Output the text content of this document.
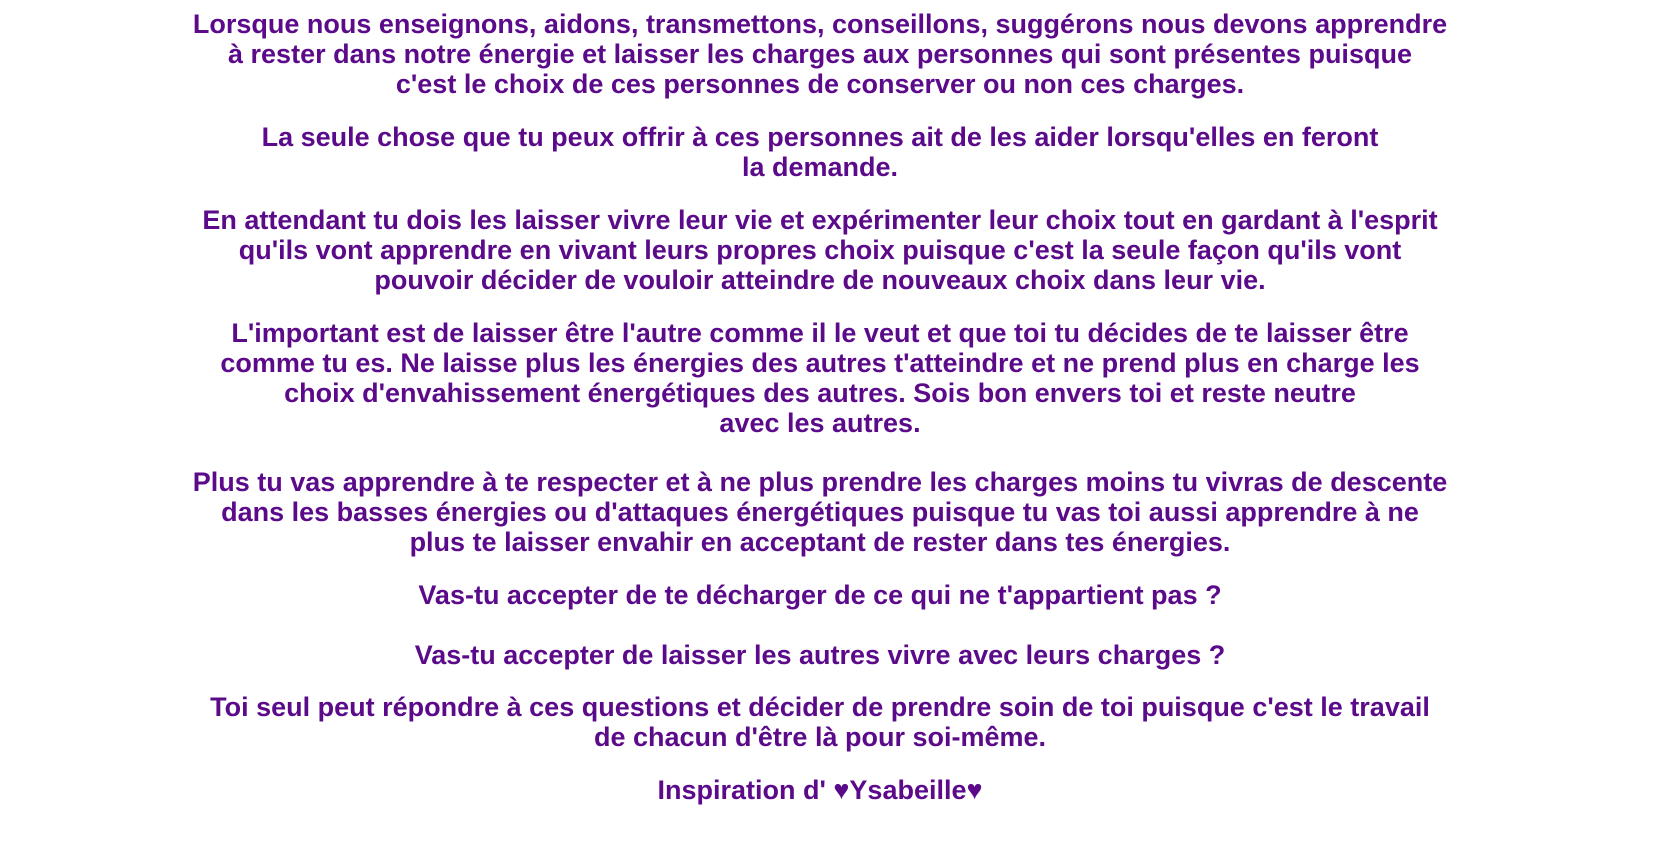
Lorsque nous enseignons, aidons, transmettons, conseillons, suggérons nous devons apprendre
à rester dans notre énergie et laisser les charges aux personnes qui sont présentes puisque
c'est le choix de ces personnes de conserver ou non ces charges.
La seule chose que tu peux offrir à ces personnes ait de les aider lorsqu'elles en feront
la demande.
En attendant tu dois les laisser vivre leur vie et expérimenter leur choix tout en gardant à l'esprit
qu'ils vont apprendre en vivant leurs propres choix puisque c'est la seule façon qu'ils vont
pouvoir décider de vouloir atteindre de nouveaux choix dans leur vie.
L'important est de laisser être l'autre comme il le veut et que toi tu décides de te laisser être
comme tu es. Ne laisse plus les énergies des autres t'atteindre et ne prend plus en charge les
choix d'envahissement énergétiques des autres. Sois bon envers toi et reste neutre
avec les autres.
Plus tu vas apprendre à te respecter et à ne plus prendre les charges moins tu vivras de descente
dans les basses énergies ou d'attaques énergétiques puisque tu vas toi aussi apprendre à ne
plus te laisser envahir en acceptant de rester dans tes énergies.
Vas-tu accepter de te décharger de ce qui ne t'appartient pas ?
Vas-tu accepter de laisser les autres vivre avec leurs charges ?
Toi seul peut répondre à ces questions et décider de prendre soin de toi puisque c'est le travail
de chacun d'être là pour soi-même.
Inspiration d' ♥Ysabeille♥
